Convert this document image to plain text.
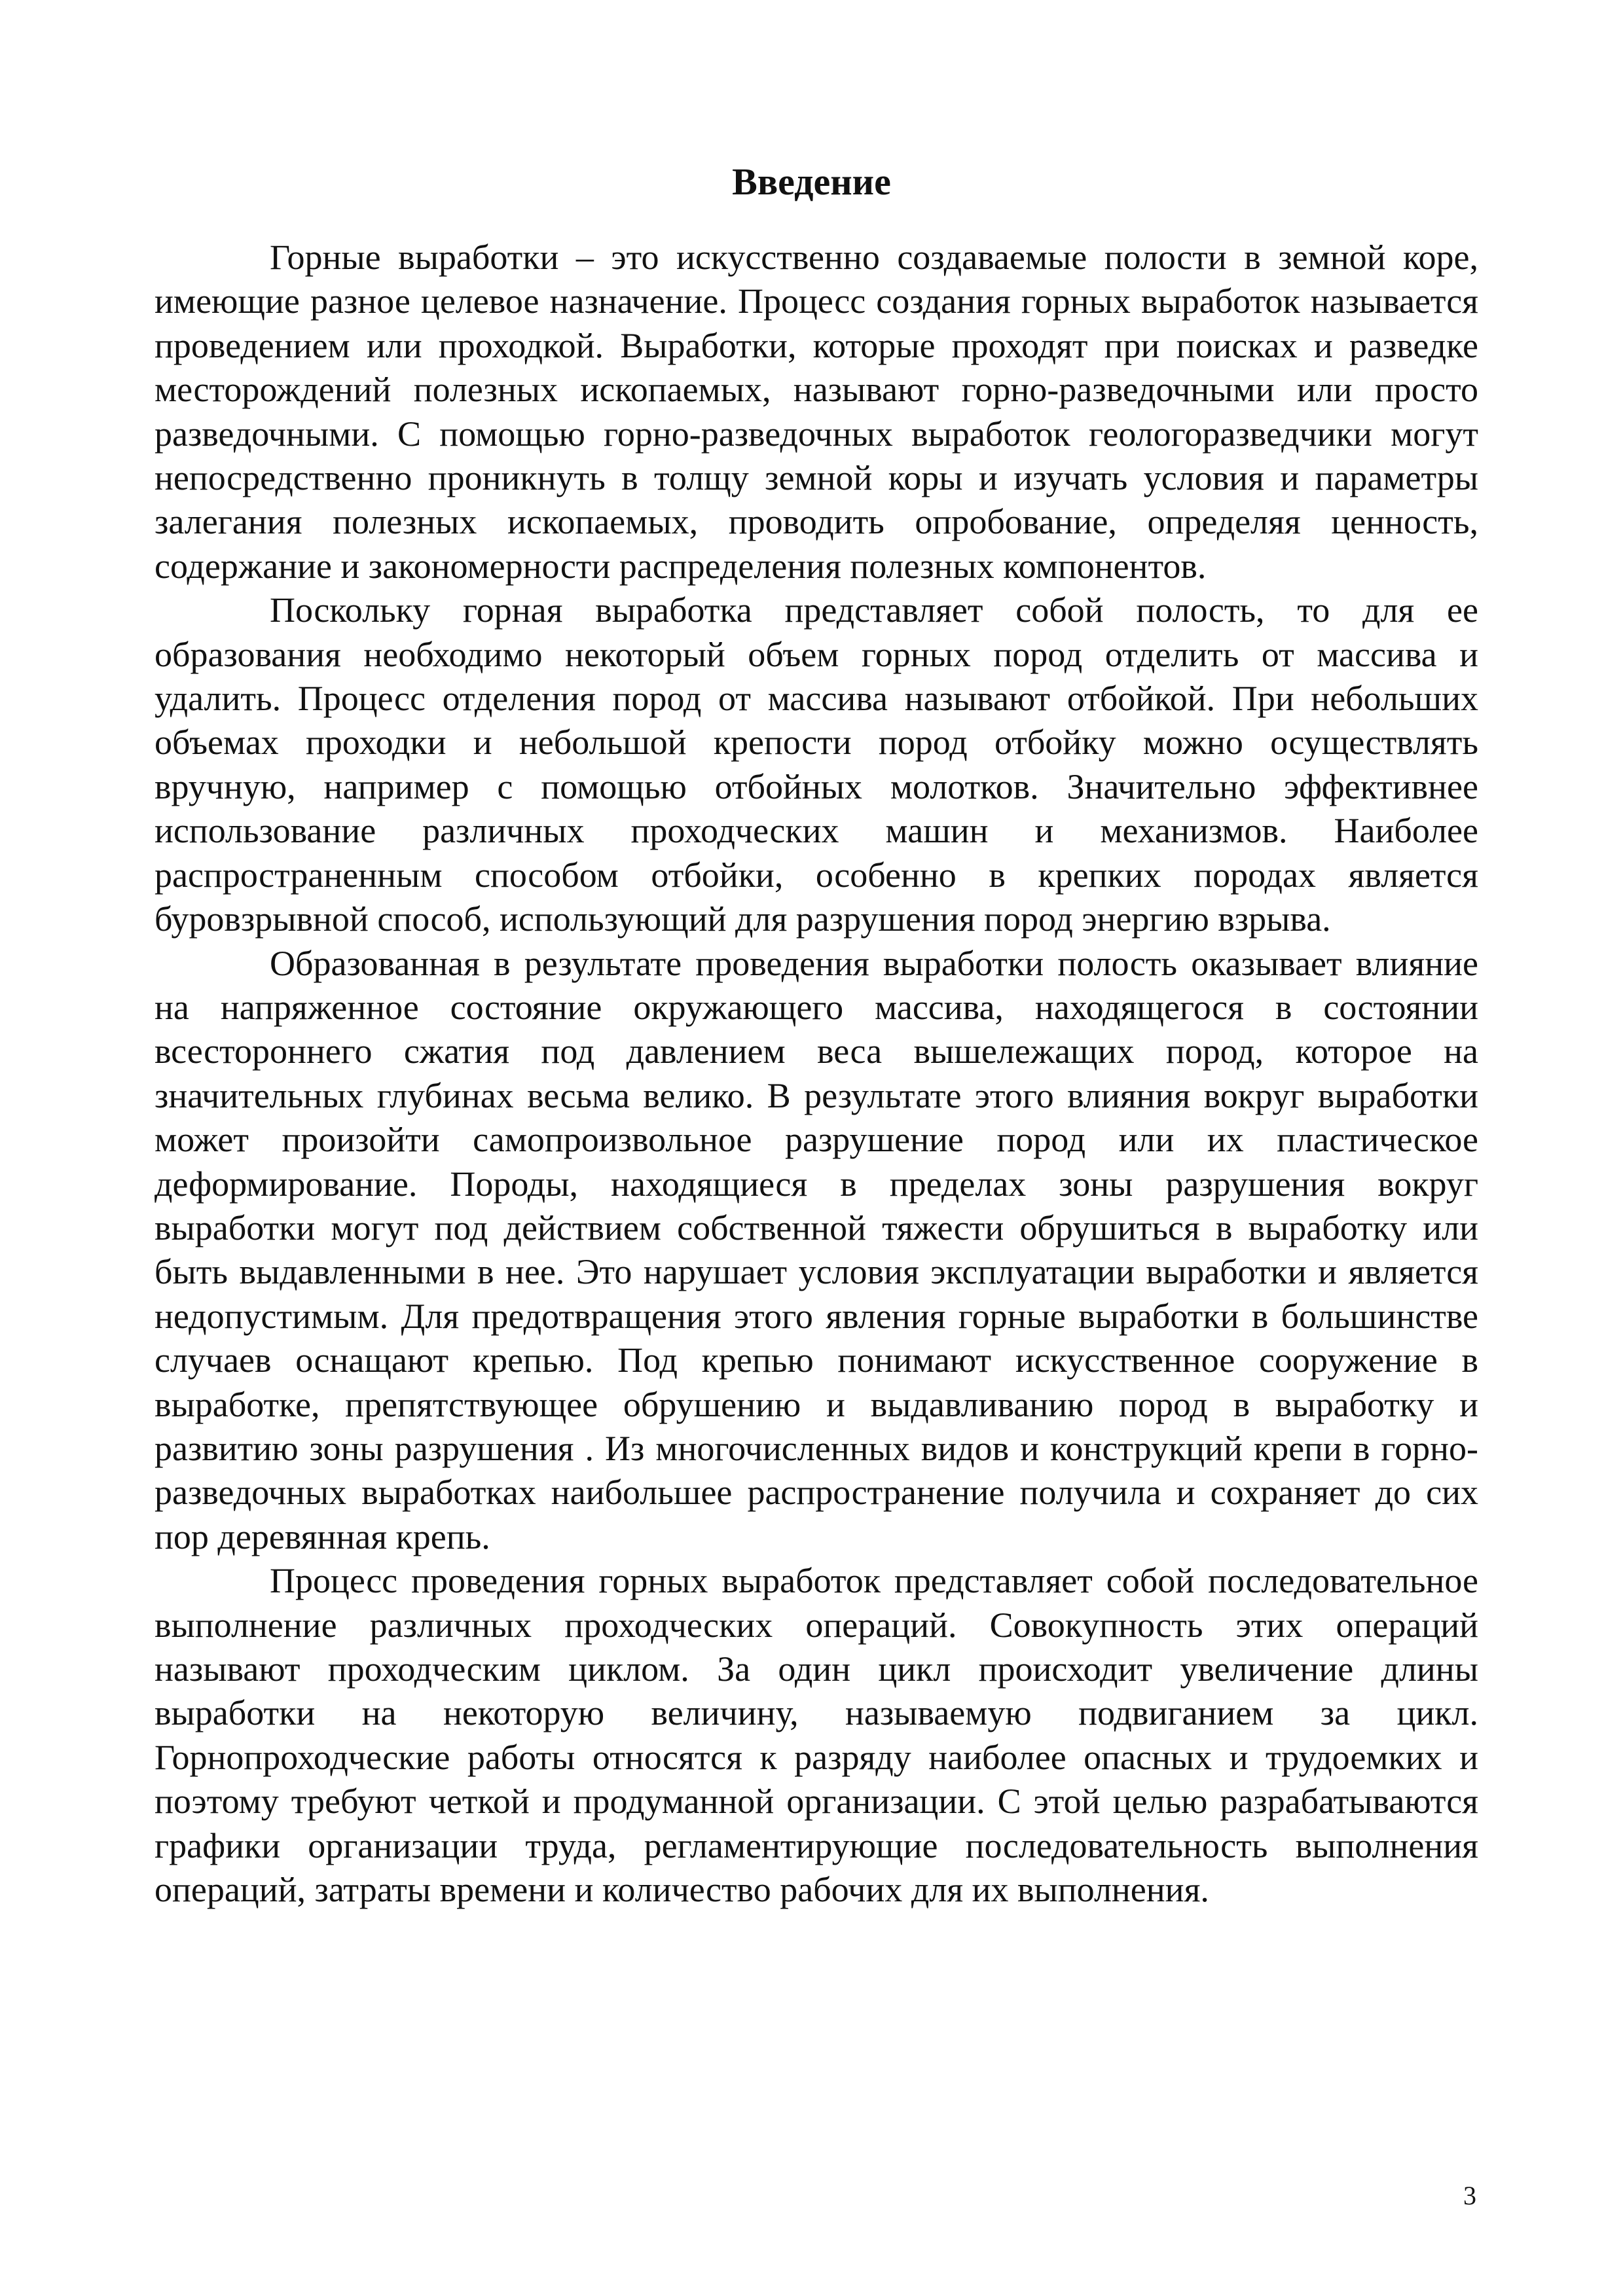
Введение

Горные выработки – это искусственно создаваемые полости в земной коре, имеющие разное целевое назначение. Процесс создания горных выработок называется проведением или проходкой. Выработки, которые проходят при поисках и разведке месторождений полезных ископаемых, называют горно-разведочными или просто разведочными. С помощью горно-разведочных выработок геологоразведчики могут непосредственно проникнуть в толщу земной коры и изучать условия и параметры залегания полезных ископаемых, проводить опробование, определяя ценность, содержание и закономерности распределения полезных компонентов.

Поскольку горная выработка представляет собой полость, то для ее образования необходимо некоторый объем горных пород отделить от массива и удалить. Процесс отделения пород от массива называют отбойкой. При небольших объемах проходки и небольшой крепости пород отбойку можно осуществлять вручную, например с помощью отбойных молотков. Значительно эффективнее использование различных проходческих машин и механизмов. Наиболее распространенным способом отбойки, особенно в крепких породах является буровзрывной способ, использующий для разрушения пород энергию взрыва.

Образованная в результате проведения выработки полость оказывает влияние на напряженное состояние окружающего массива, находящегося в состоянии всестороннего сжатия под давлением веса вышележащих пород, которое на значительных глубинах весьма велико. В результате этого влияния вокруг выработки может произойти самопроизвольное разрушение пород или их пластическое деформирование. Породы, находящиеся в пределах зоны разрушения вокруг выработки могут под действием собственной тяжести обрушиться в выработку или быть выдавленными в нее. Это нарушает условия эксплуатации выработки и является недопустимым. Для предотвращения этого явления горные выработки в большинстве случаев оснащают крепью. Под крепью понимают искусственное сооружение в выработке, препятствующее обрушению и выдавливанию пород в выработку и развитию зоны разрушения . Из многочисленных видов и конструкций крепи в горно-разведочных выработках наибольшее распространение получила и сохраняет до сих пор деревянная крепь.

Процесс проведения горных выработок представляет собой последовательное выполнение различных проходческих операций. Совокупность этих операций называют проходческим циклом. За один цикл происходит увеличение длины выработки на некоторую величину, называемую подвиганием за цикл. Горнопроходческие работы относятся к разряду наиболее опасных и трудоемких и поэтому требуют четкой и продуманной организации. С этой целью разрабатываются графики организации труда, регламентирующие последовательность выполнения операций, затраты времени и количество рабочих для их выполнения.

3
